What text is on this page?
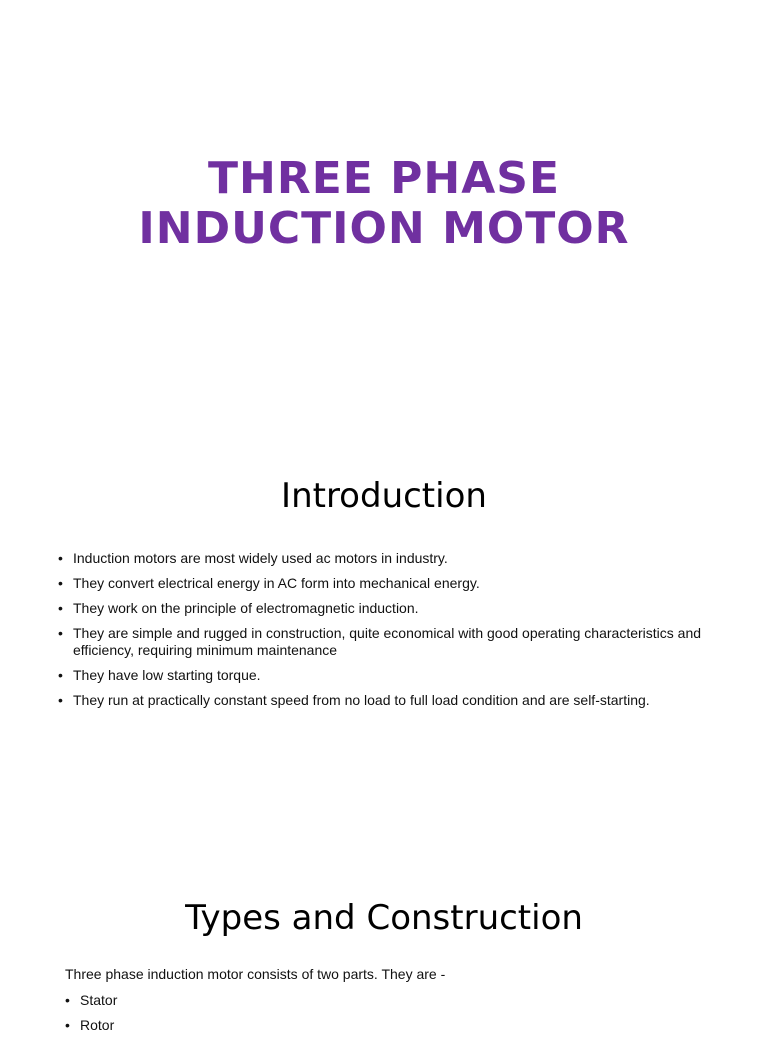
THREE PHASE
INDUCTION MOTOR
Introduction
• Induction motors are most widely used ac motors in industry.
• They convert electrical energy in AC form into mechanical energy.
• They work on the principle of electromagnetic induction.
• They are simple and rugged in construction, quite economical with good operating characteristics and efficiency, requiring minimum maintenance
• They have low starting torque.
• They run at practically constant speed from no load to full load condition and are self-starting.
Types and Construction

Three phase induction motor consists of two parts. They are -

• Stator
• Rotor
